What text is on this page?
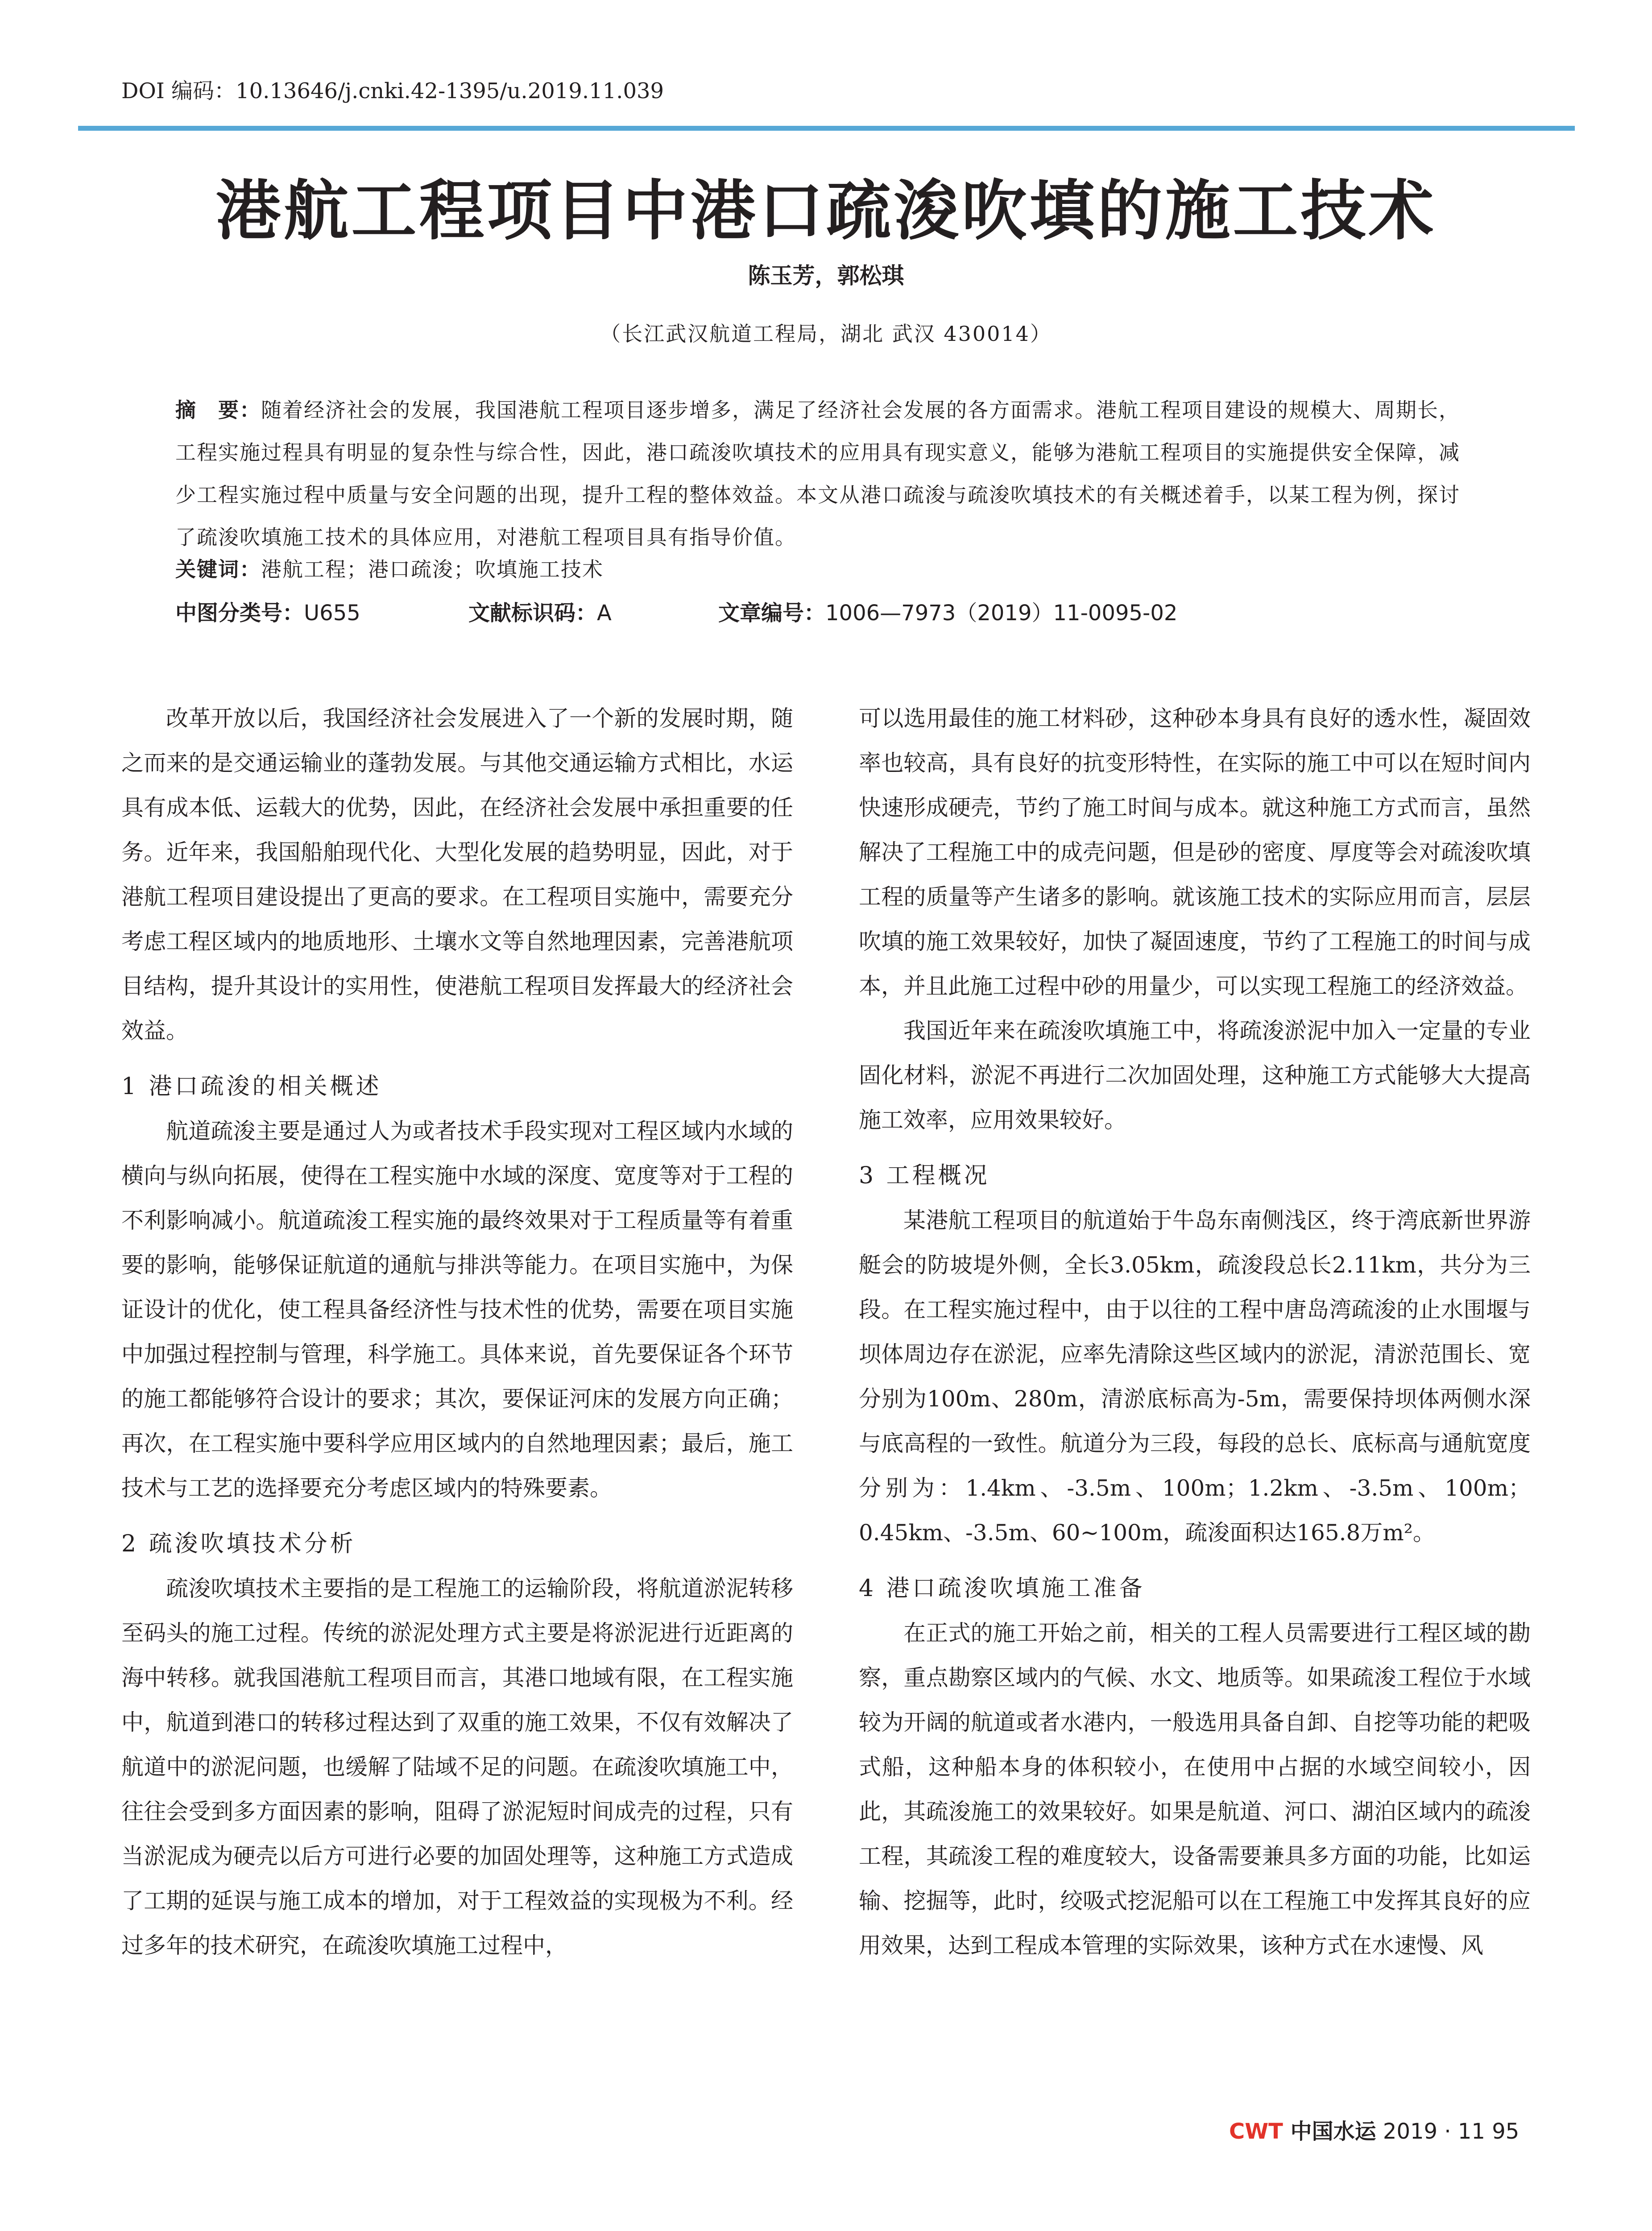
DOI 编码：10.13646/j.cnki.42-1395/u.2019.11.039
港航工程项目中港口疏浚吹填的施工技术
陈玉芳，郭松琪
（长江武汉航道工程局，湖北 武汉 430014）
摘　要：随着经济社会的发展，我国港航工程项目逐步增多，满足了经济社会发展的各方面需求。港航工程项目建设的规模大、周期长，工程实施过程具有明显的复杂性与综合性，因此，港口疏浚吹填技术的应用具有现实意义，能够为港航工程项目的实施提供安全保障，减少工程实施过程中质量与安全问题的出现，提升工程的整体效益。本文从港口疏浚与疏浚吹填技术的有关概述着手，以某工程为例，探讨了疏浚吹填施工技术的具体应用，对港航工程项目具有指导价值。
关键词：港航工程；港口疏浚；吹填施工技术
中图分类号：U655	文献标识码：A	文章编号：1006—7973（2019）11-0095-02

改革开放以后，我国经济社会发展进入了一个新的发展时期，随之而来的是交通运输业的蓬勃发展。与其他交通运输方式相比，水运具有成本低、运载大的优势，因此，在经济社会发展中承担重要的任务。近年来，我国船舶现代化、大型化发展的趋势明显，因此，对于港航工程项目建设提出了更高的要求。在工程项目实施中，需要充分考虑工程区域内的地质地形、土壤水文等自然地理因素，完善港航项目结构，提升其设计的实用性，使港航工程项目发挥最大的经济社会效益。

1 港口疏浚的相关概述

航道疏浚主要是通过人为或者技术手段实现对工程区域内水域的横向与纵向拓展，使得在工程实施中水域的深度、宽度等对于工程的不利影响减小。航道疏浚工程实施的最终效果对于工程质量等有着重要的影响，能够保证航道的通航与排洪等能力。在项目实施中，为保证设计的优化，使工程具备经济性与技术性的优势，需要在项目实施中加强过程控制与管理，科学施工。具体来说，首先要保证各个环节的施工都能够符合设计的要求；其次，要保证河床的发展方向正确；再次，在工程实施中要科学应用区域内的自然地理因素；最后，施工技术与工艺的选择要充分考虑区域内的特殊要素。

2 疏浚吹填技术分析

疏浚吹填技术主要指的是工程施工的运输阶段，将航道淤泥转移至码头的施工过程。传统的淤泥处理方式主要是将淤泥进行近距离的海中转移。就我国港航工程项目而言，其港口地域有限，在工程实施中，航道到港口的转移过程达到了双重的施工效果，不仅有效解决了航道中的淤泥问题，也缓解了陆域不足的问题。在疏浚吹填施工中，往往会受到多方面因素的影响，阻碍了淤泥短时间成壳的过程，只有当淤泥成为硬壳以后方可进行必要的加固处理等，这种施工方式造成了工期的延误与施工成本的增加，对于工程效益的实现极为不利。经过多年的技术研究，在疏浚吹填施工过程中，

可以选用最佳的施工材料砂，这种砂本身具有良好的透水性，凝固效率也较高，具有良好的抗变形特性，在实际的施工中可以在短时间内快速形成硬壳，节约了施工时间与成本。就这种施工方式而言，虽然解决了工程施工中的成壳问题，但是砂的密度、厚度等会对疏浚吹填工程的质量等产生诸多的影响。就该施工技术的实际应用而言，层层吹填的施工效果较好，加快了凝固速度，节约了工程施工的时间与成本，并且此施工过程中砂的用量少，可以实现工程施工的经济效益。

我国近年来在疏浚吹填施工中，将疏浚淤泥中加入一定量的专业固化材料，淤泥不再进行二次加固处理，这种施工方式能够大大提高施工效率，应用效果较好。

3 工程概况

某港航工程项目的航道始于牛岛东南侧浅区，终于湾底新世界游艇会的防坡堤外侧，全长3.05km，疏浚段总长2.11km，共分为三段。在工程实施过程中，由于以往的工程中唐岛湾疏浚的止水围堰与坝体周边存在淤泥，应率先清除这些区域内的淤泥，清淤范围长、宽分别为100m、280m，清淤底标高为-5m，需要保持坝体两侧水深与底高程的一致性。航道分为三段，每段的总长、底标高与通航宽度分别为：1.4km、-3.5m、100m；1.2km、-3.5m、100m；0.45km、-3.5m、60~100m，疏浚面积达165.8万m²。

4 港口疏浚吹填施工准备

在正式的施工开始之前，相关的工程人员需要进行工程区域的勘察，重点勘察区域内的气候、水文、地质等。如果疏浚工程位于水域较为开阔的航道或者水港内，一般选用具备自卸、自挖等功能的耙吸式船，这种船本身的体积较小，在使用中占据的水域空间较小，因此，其疏浚施工的效果较好。如果是航道、河口、湖泊区域内的疏浚工程，其疏浚工程的难度较大，设备需要兼具多方面的功能，比如运输、挖掘等，此时，绞吸式挖泥船可以在工程施工中发挥其良好的应用效果，达到工程成本管理的实际效果，该种方式在水速慢、风

CWT 中国水运 2019 · 11 95
